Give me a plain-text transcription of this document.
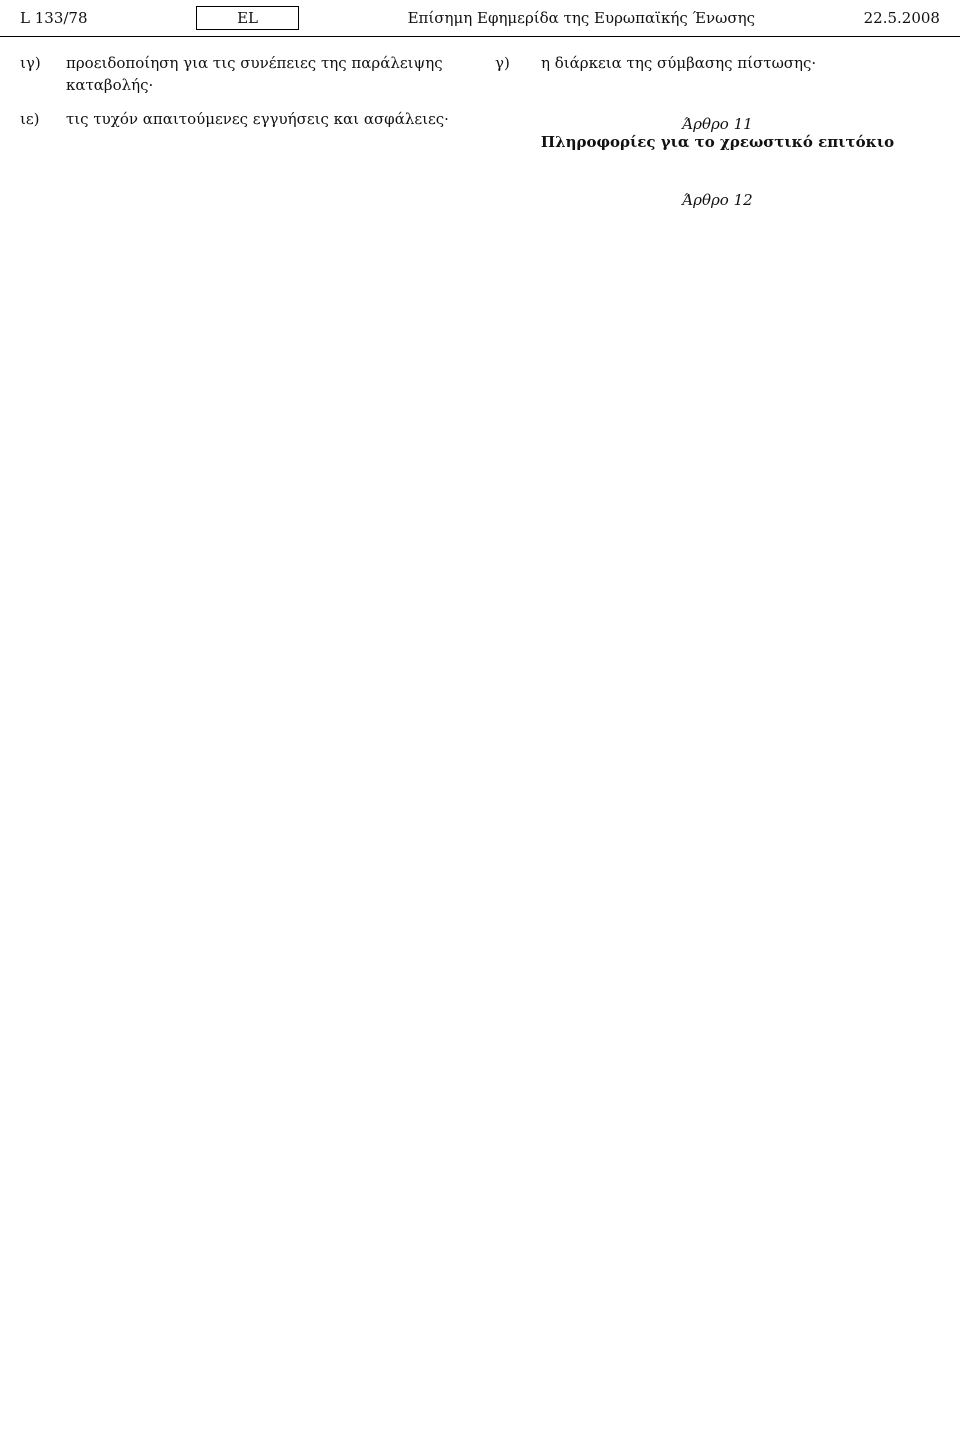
L 133/78	EL	Επίσημη Εφημερίδα της Ευρωπαϊκής Ένωσης	22.5.2008
ιγ)	προειδοποίηση για τις συνέπειες της παράλειψης καταβολής·
ιε)	τις τυχόν απαιτούμενες εγγυήσεις και ασφάλειες·
γ)	η διάρκεια της σύμβασης πίστωσης·
Άρθρο 11
Πληροφορίες για το χρεωστικό επιτόκιο
Άρθρο 12
